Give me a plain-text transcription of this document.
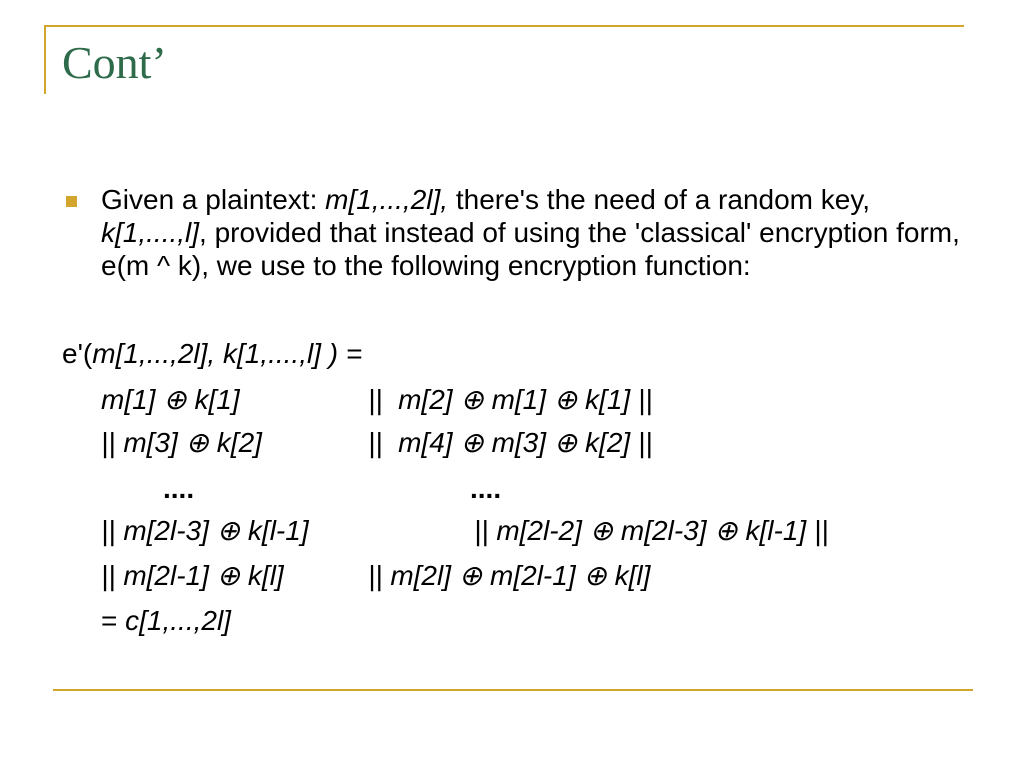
Cont’

Given a plaintext: m[1,...,2l], there's the need of a random key, k[1,....,l], provided that instead of using the 'classical' encryption form, e(m ^ k), we use to the following encryption function:

e'(m[1,...,2l], k[1,....,l] ) =
m[1] ⊕ k[1]	||  m[2] ⊕ m[1] ⊕ k[1] ||
|| m[3] ⊕ k[2]	||  m[4] ⊕ m[3] ⊕ k[2] ||
....	....
|| m[2l-3] ⊕ k[l-1]	|| m[2l-2] ⊕ m[2l-3] ⊕ k[l-1] ||
|| m[2l-1] ⊕ k[l]	|| m[2l] ⊕ m[2l-1] ⊕ k[l]
= c[1,...,2l]
